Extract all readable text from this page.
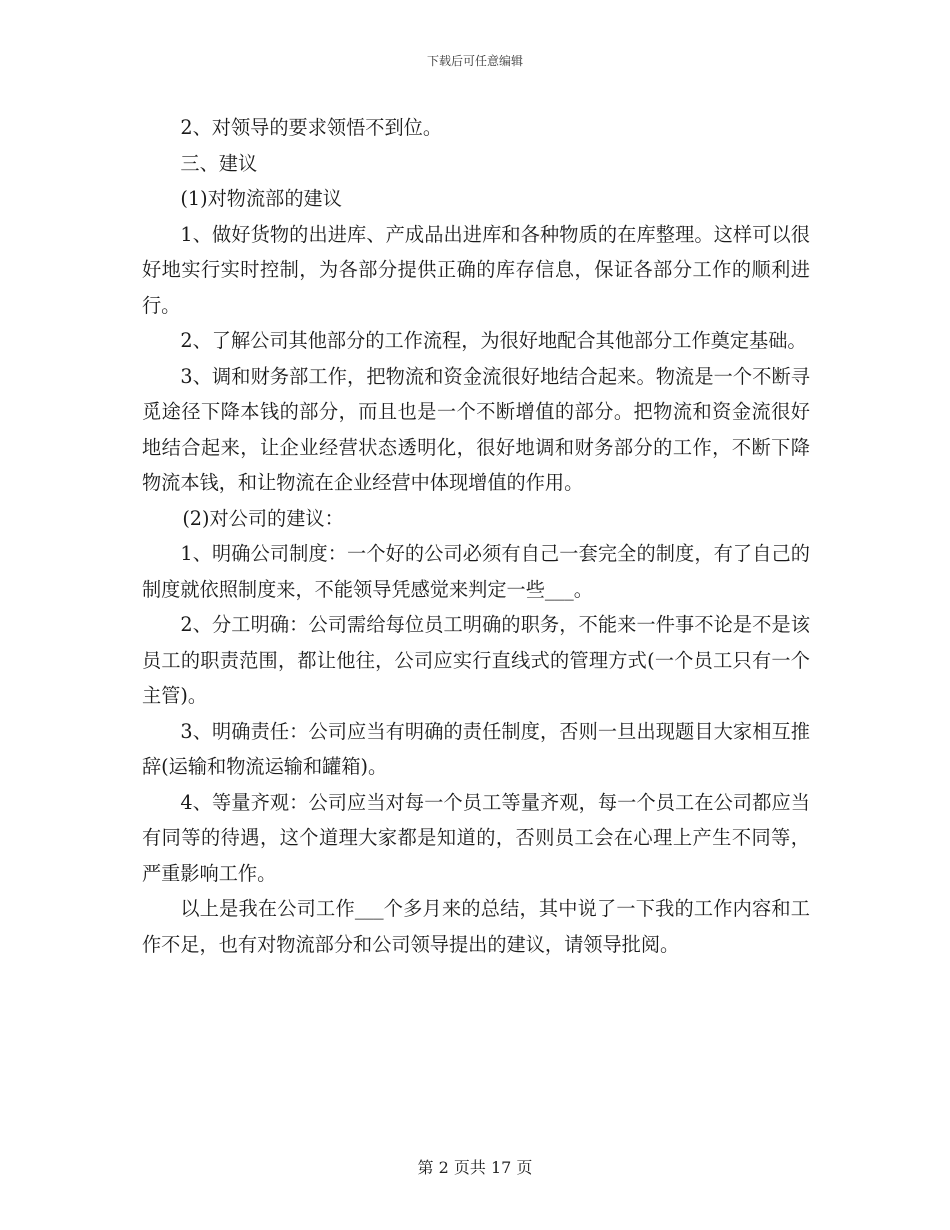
下载后可任意编辑

2、对领导的要求领悟不到位。

三、建议

(1)对物流部的建议

1、做好货物的出进库、产成品出进库和各种物质的在库整理。这样可以很好地实行实时控制，为各部分提供正确的库存信息，保证各部分工作的顺利进行。

2、了解公司其他部分的工作流程，为很好地配合其他部分工作奠定基础。

3、调和财务部工作，把物流和资金流很好地结合起来。物流是一个不断寻觅途径下降本钱的部分，而且也是一个不断增值的部分。把物流和资金流很好地结合起来，让企业经营状态透明化，很好地调和财务部分的工作，不断下降物流本钱，和让物流在企业经营中体现增值的作用。

(2)对公司的建议：

1、明确公司制度：一个好的公司必须有自己一套完全的制度，有了自己的制度就依照制度来，不能领导凭感觉来判定一些___。

2、分工明确：公司需给每位员工明确的职务，不能来一件事不论是不是该员工的职责范围，都让他往，公司应实行直线式的管理方式(一个员工只有一个主管)。

3、明确责任：公司应当有明确的责任制度，否则一旦出现题目大家相互推辞(运输和物流运输和罐箱)。

4、等量齐观：公司应当对每一个员工等量齐观，每一个员工在公司都应当有同等的待遇，这个道理大家都是知道的，否则员工会在心理上产生不同等，严重影响工作。

以上是我在公司工作___个多月来的总结，其中说了一下我的工作内容和工作不足，也有对物流部分和公司领导提出的建议，请领导批阅。

第 2 页共 17 页
